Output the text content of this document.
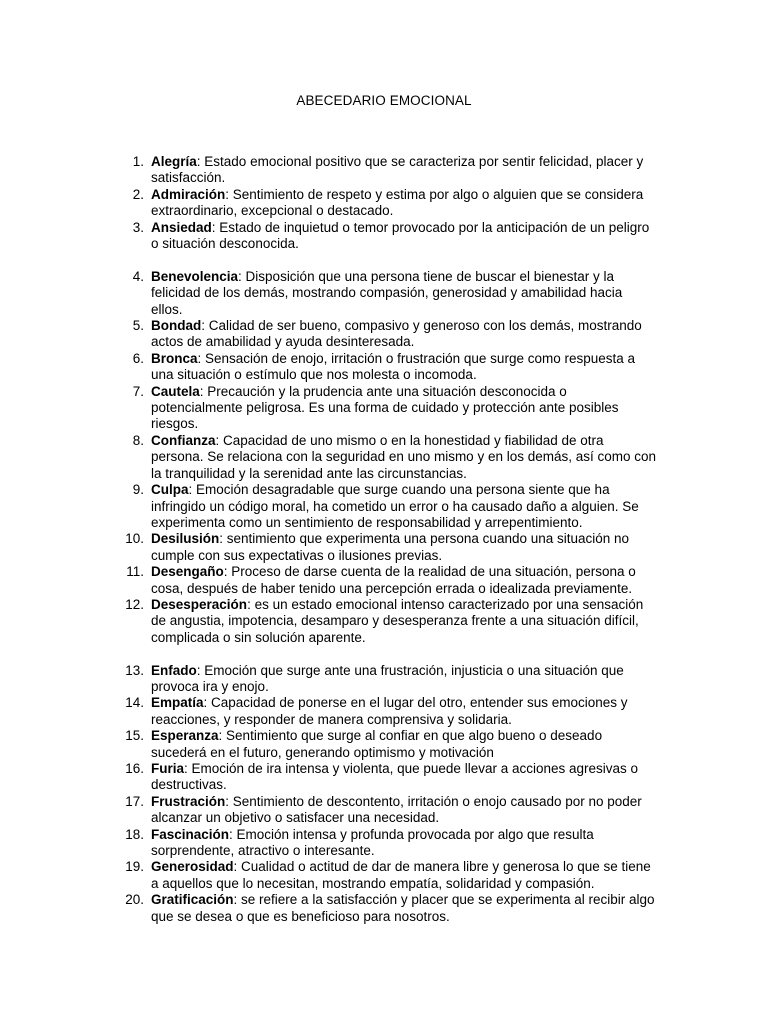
ABECEDARIO EMOCIONAL
1. Alegría: Estado emocional positivo que se caracteriza por sentir felicidad, placer y satisfacción.
2. Admiración: Sentimiento de respeto y estima por algo o alguien que se considera extraordinario, excepcional o destacado.
3. Ansiedad: Estado de inquietud o temor provocado por la anticipación de un peligro o situación desconocida.
4. Benevolencia: Disposición que una persona tiene de buscar el bienestar y la felicidad de los demás, mostrando compasión, generosidad y amabilidad hacia ellos.
5. Bondad: Calidad de ser bueno, compasivo y generoso con los demás, mostrando actos de amabilidad y ayuda desinteresada.
6. Bronca: Sensación de enojo, irritación o frustración que surge como respuesta a una situación o estímulo que nos molesta o incomoda.
7. Cautela: Precaución y la prudencia ante una situación desconocida o potencialmente peligrosa. Es una forma de cuidado y protección ante posibles riesgos.
8. Confianza: Capacidad de uno mismo o en la honestidad y fiabilidad de otra persona. Se relaciona con la seguridad en uno mismo y en los demás, así como con la tranquilidad y la serenidad ante las circunstancias.
9. Culpa: Emoción desagradable que surge cuando una persona siente que ha infringido un código moral, ha cometido un error o ha causado daño a alguien. Se experimenta como un sentimiento de responsabilidad y arrepentimiento.
10. Desilusión: sentimiento que experimenta una persona cuando una situación no cumple con sus expectativas o ilusiones previas.
11. Desengaño: Proceso de darse cuenta de la realidad de una situación, persona o cosa, después de haber tenido una percepción errada o idealizada previamente.
12. Desesperación: es un estado emocional intenso caracterizado por una sensación de angustia, impotencia, desamparo y desesperanza frente a una situación difícil, complicada o sin solución aparente.
13. Enfado: Emoción que surge ante una frustración, injusticia o una situación que provoca ira y enojo.
14. Empatía: Capacidad de ponerse en el lugar del otro, entender sus emociones y reacciones, y responder de manera comprensiva y solidaria.
15. Esperanza: Sentimiento que surge al confiar en que algo bueno o deseado sucederá en el futuro, generando optimismo y motivación
16. Furia: Emoción de ira intensa y violenta, que puede llevar a acciones agresivas o destructivas.
17. Frustración: Sentimiento de descontento, irritación o enojo causado por no poder alcanzar un objetivo o satisfacer una necesidad.
18. Fascinación: Emoción intensa y profunda provocada por algo que resulta sorprendente, atractivo o interesante.
19. Generosidad: Cualidad o actitud de dar de manera libre y generosa lo que se tiene a aquellos que lo necesitan, mostrando empatía, solidaridad y compasión.
20. Gratificación: se refiere a la satisfacción y placer que se experimenta al recibir algo que se desea o que es beneficioso para nosotros.
